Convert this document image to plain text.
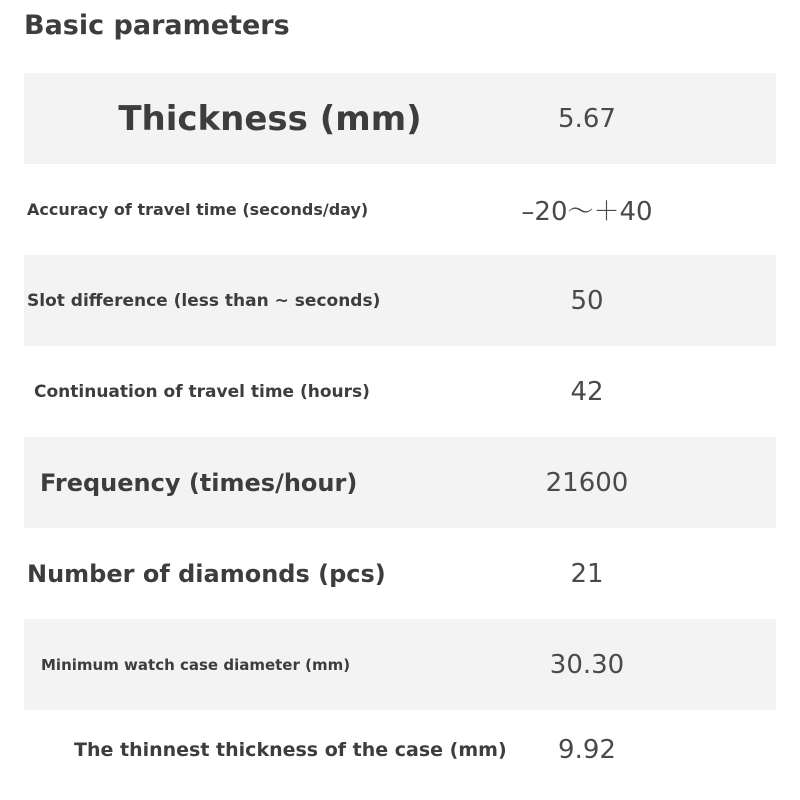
Basic parameters
Thickness (mm)	5.67
Accuracy of travel time (seconds/day)	–20～＋40
Slot difference (less than ~ seconds)	50
Continuation of travel time (hours)	42
Frequency (times/hour)	21600
Number of diamonds (pcs)	21
Minimum watch case diameter (mm)	30.30
The thinnest thickness of the case (mm) 9.92
